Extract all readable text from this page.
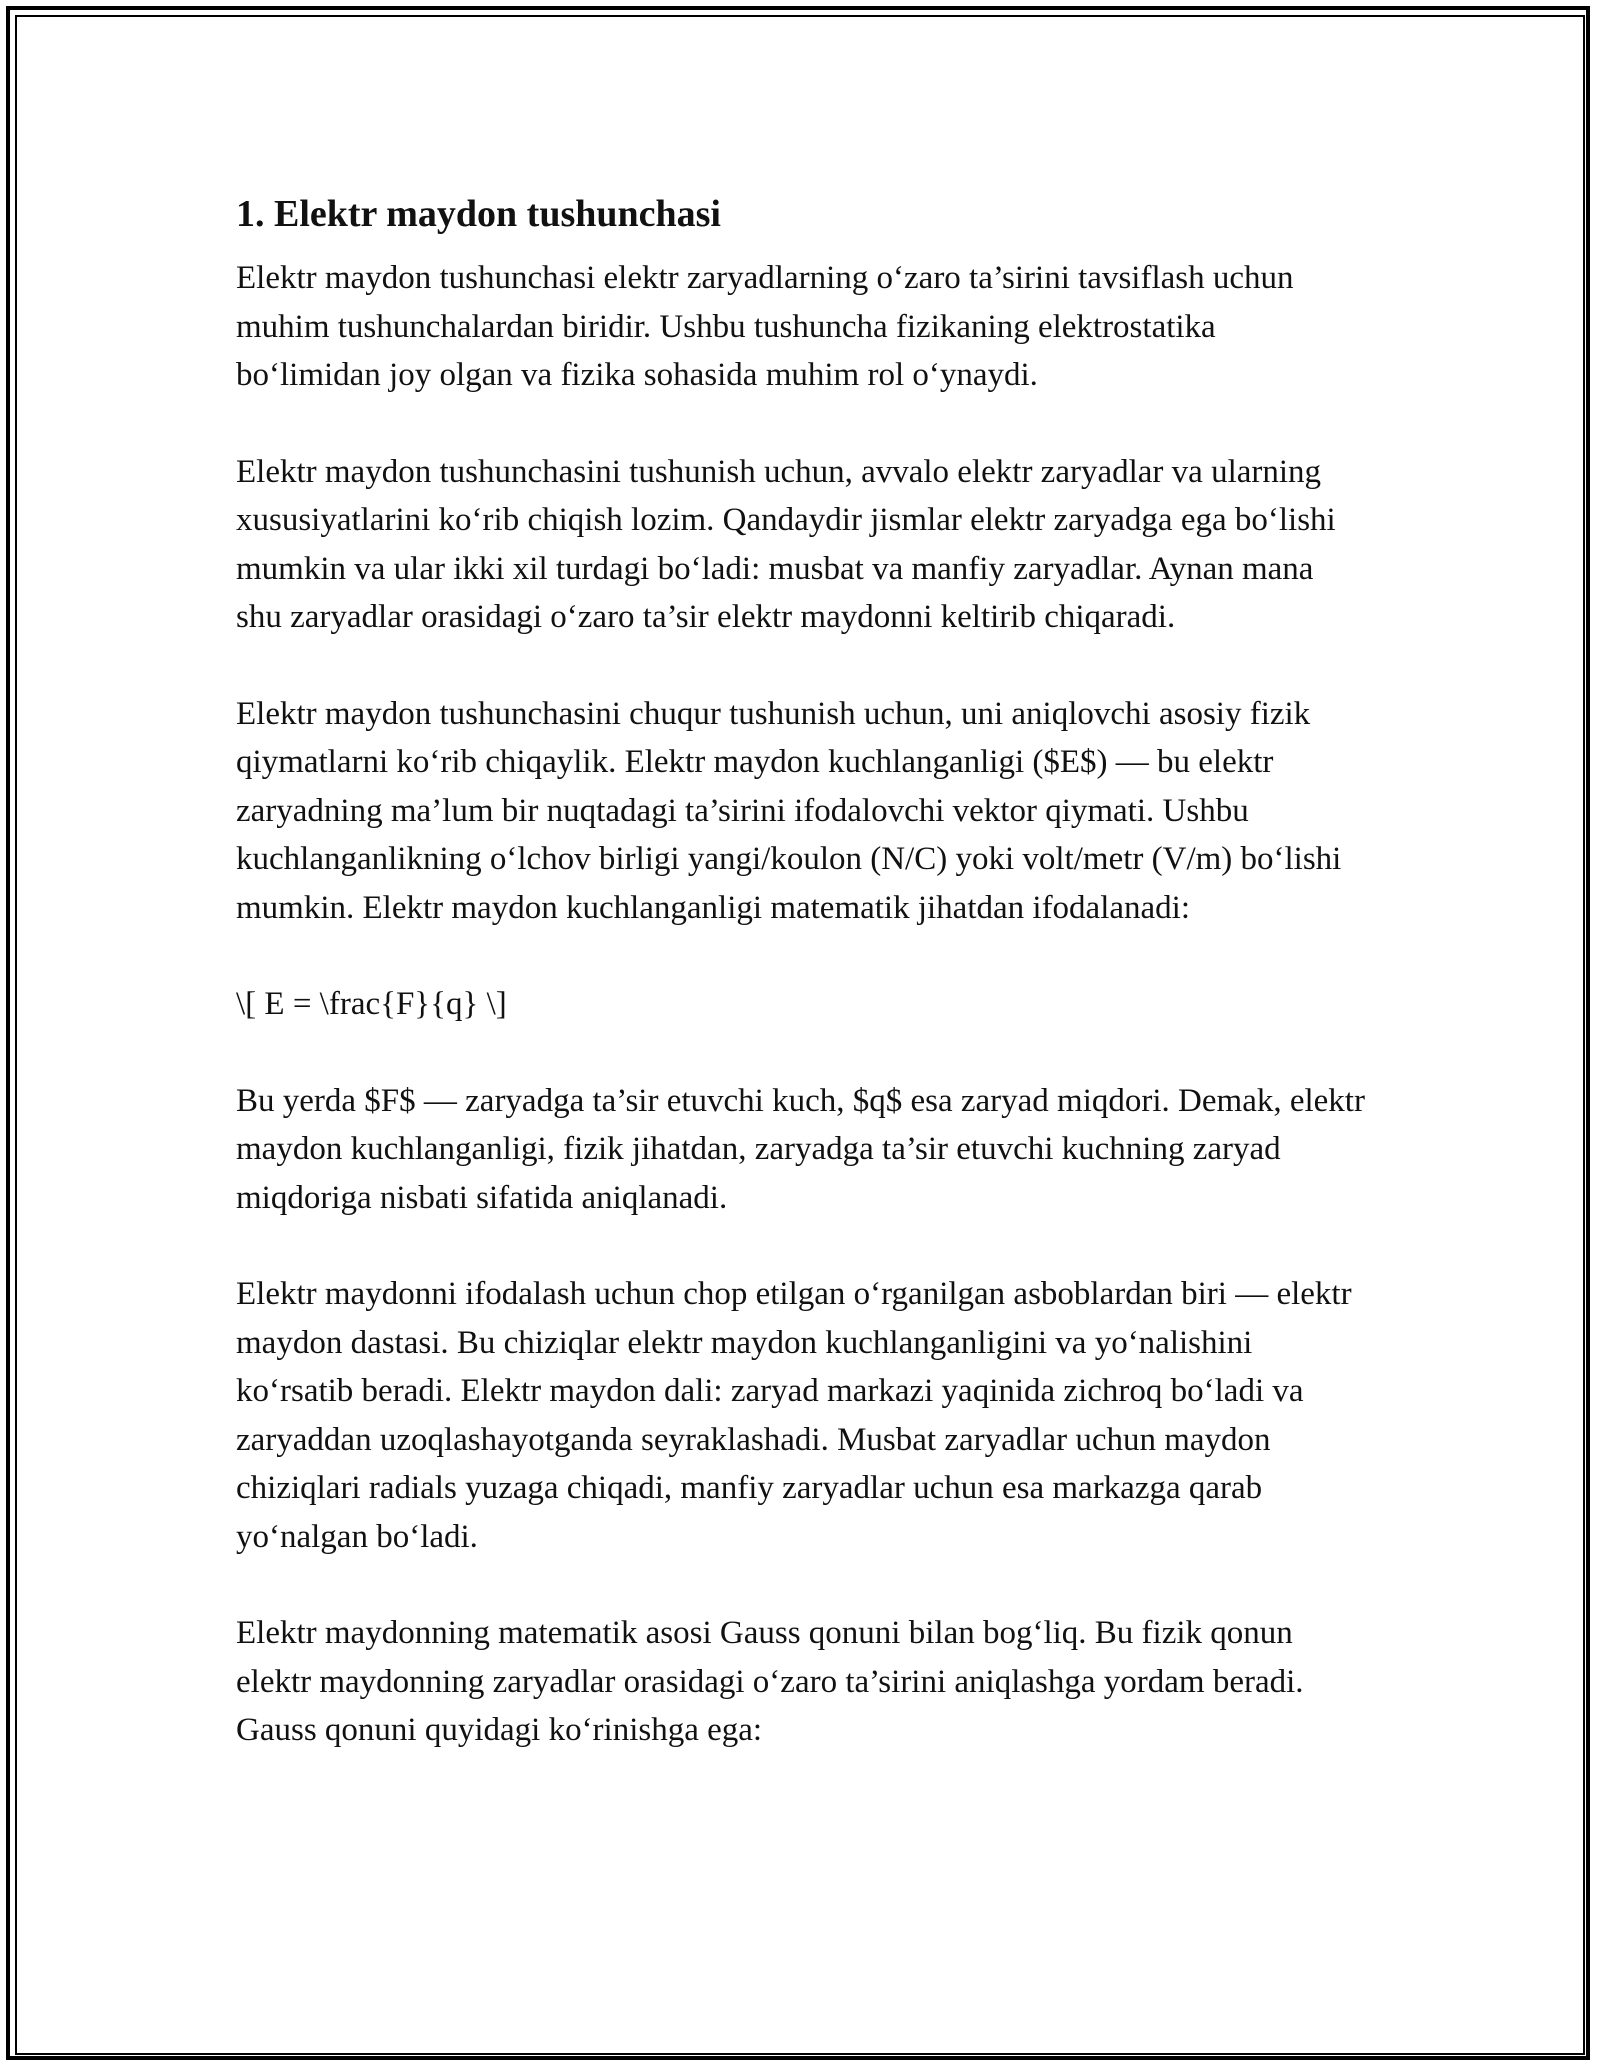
1. Elektr maydon tushunchasi

Elektr maydon tushunchasi elektr zaryadlarning o‘zaro ta’sirini tavsiflash uchun muhim tushunchalardan biridir. Ushbu tushuncha fizikaning elektrostatika bo‘limidan joy olgan va fizika sohasida muhim rol o‘ynaydi.

Elektr maydon tushunchasini tushunish uchun, avvalo elektr zaryadlar va ularning xususiyatlarini ko‘rib chiqish lozim. Qandaydir jismlar elektr zaryadga ega bo‘lishi mumkin va ular ikki xil turdagi bo‘ladi: musbat va manfiy zaryadlar. Aynan mana shu zaryadlar orasidagi o‘zaro ta’sir elektr maydonni keltirib chiqaradi.

Elektr maydon tushunchasini chuqur tushunish uchun, uni aniqlovchi asosiy fizik qiymatlarni ko‘rib chiqaylik. Elektr maydon kuchlanganligi ($E$) — bu elektr zaryadning ma’lum bir nuqtadagi ta’sirini ifodalovchi vektor qiymati. Ushbu kuchlanganlikning o‘lchov birligi yangi/koulon (N/C) yoki volt/metr (V/m) bo‘lishi mumkin. Elektr maydon kuchlanganligi matematik jihatdan ifodalanadi:

\[ E = \frac{F}{q} \]

Bu yerda $F$ — zaryadga ta’sir etuvchi kuch, $q$ esa zaryad miqdori. Demak, elektr maydon kuchlanganligi, fizik jihatdan, zaryadga ta’sir etuvchi kuchning zaryad miqdoriga nisbati sifatida aniqlanadi.

Elektr maydonni ifodalash uchun chop etilgan o‘rganilgan asboblardan biri — elektr maydon dastasi. Bu chiziqlar elektr maydon kuchlanganligini va yo‘nalishini ko‘rsatib beradi. Elektr maydon dali: zaryad markazi yaqinida zichroq bo‘ladi va zaryaddan uzoqlashayotganda seyraklashadi. Musbat zaryadlar uchun maydon chiziqlari radials yuzaga chiqadi, manfiy zaryadlar uchun esa markazga qarab yo‘nalgan bo‘ladi.

Elektr maydonning matematik asosi Gauss qonuni bilan bog‘liq. Bu fizik qonun elektr maydonning zaryadlar orasidagi o‘zaro ta’sirini aniqlashga yordam beradi. Gauss qonuni quyidagi ko‘rinishga ega:
